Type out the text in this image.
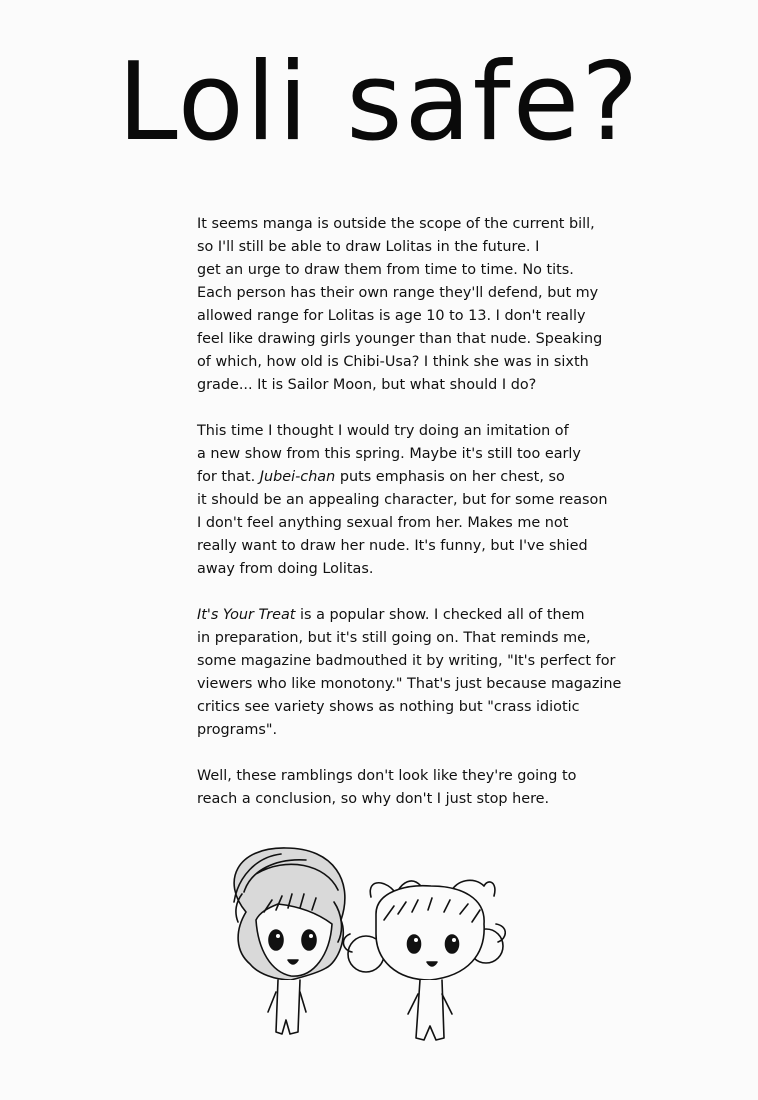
Loli safe?
It seems manga is outside the scope of the current bill,
so I'll still be able to draw Lolitas in the future. I
get an urge to draw them from time to time. No tits.
Each person has their own range they'll defend, but my
allowed range for Lolitas is age 10 to 13. I don't really
feel like drawing girls younger than that nude. Speaking
of which, how old is Chibi-Usa? I think she was in sixth
grade... It is Sailor Moon, but what should I do?
This time I thought I would try doing an imitation of
a new show from this spring. Maybe it's still too early
for that. Jubei-chan puts emphasis on her chest, so
it should be an appealing character, but for some reason
I don't feel anything sexual from her. Makes me not
really want to draw her nude. It's funny, but I've shied
away from doing Lolitas.
It's Your Treat is a popular show. I checked all of them
in preparation, but it's still going on. That reminds me,
some magazine badmouthed it by writing, "It's perfect for
viewers who like monotony." That's just because magazine
critics see variety shows as nothing but "crass idiotic
programs".
Well, these ramblings don't look like they're going to
reach a conclusion, so why don't I just stop here.
